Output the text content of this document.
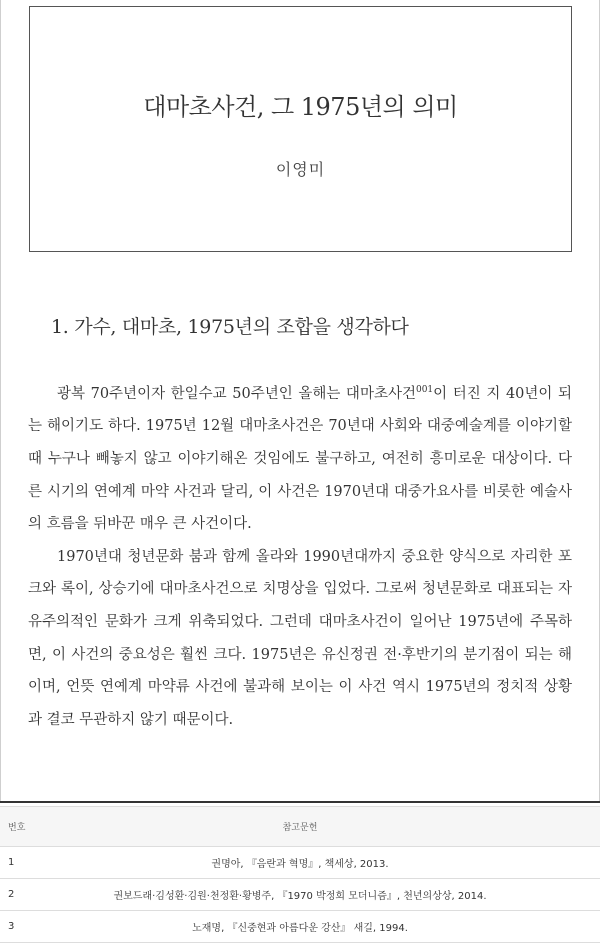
대마초사건, 그 1975년의 의미
이영미
1. 가수, 대마초, 1975년의 조합을 생각하다

광복 70주년이자 한일수교 50주년인 올해는 대마초사건$^{001}$이 터진 지 40년이 되는 해이기도 하다. 1975년 12월 대마초사건은 70년대 사회와 대중예술계를 이야기할 때 누구나 빼놓지 않고 이야기해온 것임에도 불구하고, 여전히 흥미로운 대상이다. 다른 시기의 연예계 마약 사건과 달리, 이 사건은 1970년대 대중가요사를 비롯한 예술사의 흐름을 뒤바꾼 매우 큰 사건이다.

1970년대 청년문화 붐과 함께 올라와 1990년대까지 중요한 양식으로 자리한 포크와 록이, 상승기에 대마초사건으로 치명상을 입었다. 그로써 청년문화로 대표되는 자유주의적인 문화가 크게 위축되었다. 그런데 대마초사건이 일어난 1975년에 주목하면, 이 사건의 중요성은 훨씬 크다. 1975년은 유신정권 전·후반기의 분기점이 되는 해이며, 언뜻 연예계 마약류 사건에 불과해 보이는 이 사건 역시 1975년의 정치적 상황과 결코 무관하지 않기 때문이다.

번호	참고문헌
1	권명아, 『음란과 혁명』, 책세상, 2013.
2	권보드래·김성환·김원·천정환·황병주, 『1970 박정희 모더니즘』, 천년의상상, 2014.
3	노재명, 『신중현과 아름다운 강산』 새길, 1994.
